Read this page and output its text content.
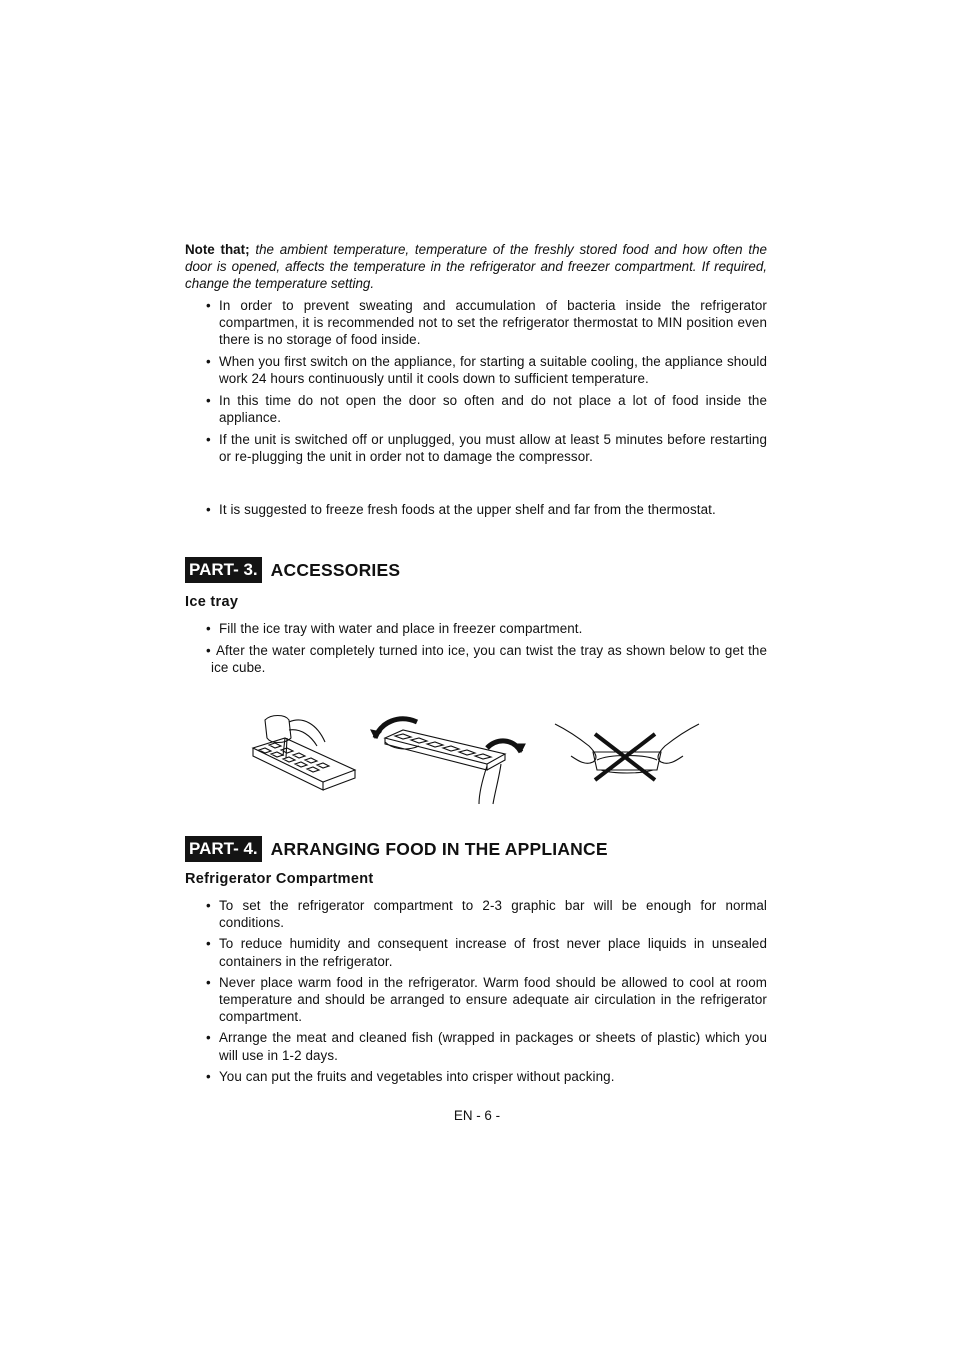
Note that; the ambient temperature, temperature of the freshly stored food and how often the door is opened, affects the temperature in the refrigerator and freezer compartment. If required, change the temperature setting.
• In order to prevent sweating and accumulation of bacteria inside the refrigerator compartmen, it is recommended not to set the refrigerator thermostat to MIN position even there is no storage of food inside.
• When you first switch on the appliance, for starting a suitable cooling, the appliance should work 24 hours continuously until it cools down to sufficient temperature.
• In this time do not open the door so often and do not place a lot of food inside the appliance.
• If the unit is switched off or unplugged, you must allow at least 5 minutes before restarting or re-plugging the unit in order not to damage the compressor.
• It is suggested to freeze fresh foods at the upper shelf and far from the thermostat.
PART- 3. ACCESSORIES
Ice tray
• Fill the ice tray with water and place in freezer compartment.
• After the water completely turned into ice, you can twist the tray as shown below to get the ice cube.
PART- 4. ARRANGING FOOD IN THE APPLIANCE
Refrigerator Compartment
• To set the refrigerator compartment to 2-3 graphic bar will be enough for normal conditions.
• To reduce humidity and consequent increase of frost never place liquids in unsealed containers in the refrigerator.
• Never place warm food in the refrigerator. Warm food should be allowed to cool at room temperature and should be arranged to ensure adequate air circulation in the refrigerator compartment.
• Arrange the meat and cleaned fish (wrapped in packages or sheets of plastic) which you will use in 1-2 days.
• You can put the fruits and vegetables into crisper without packing.
EN - 6 -
